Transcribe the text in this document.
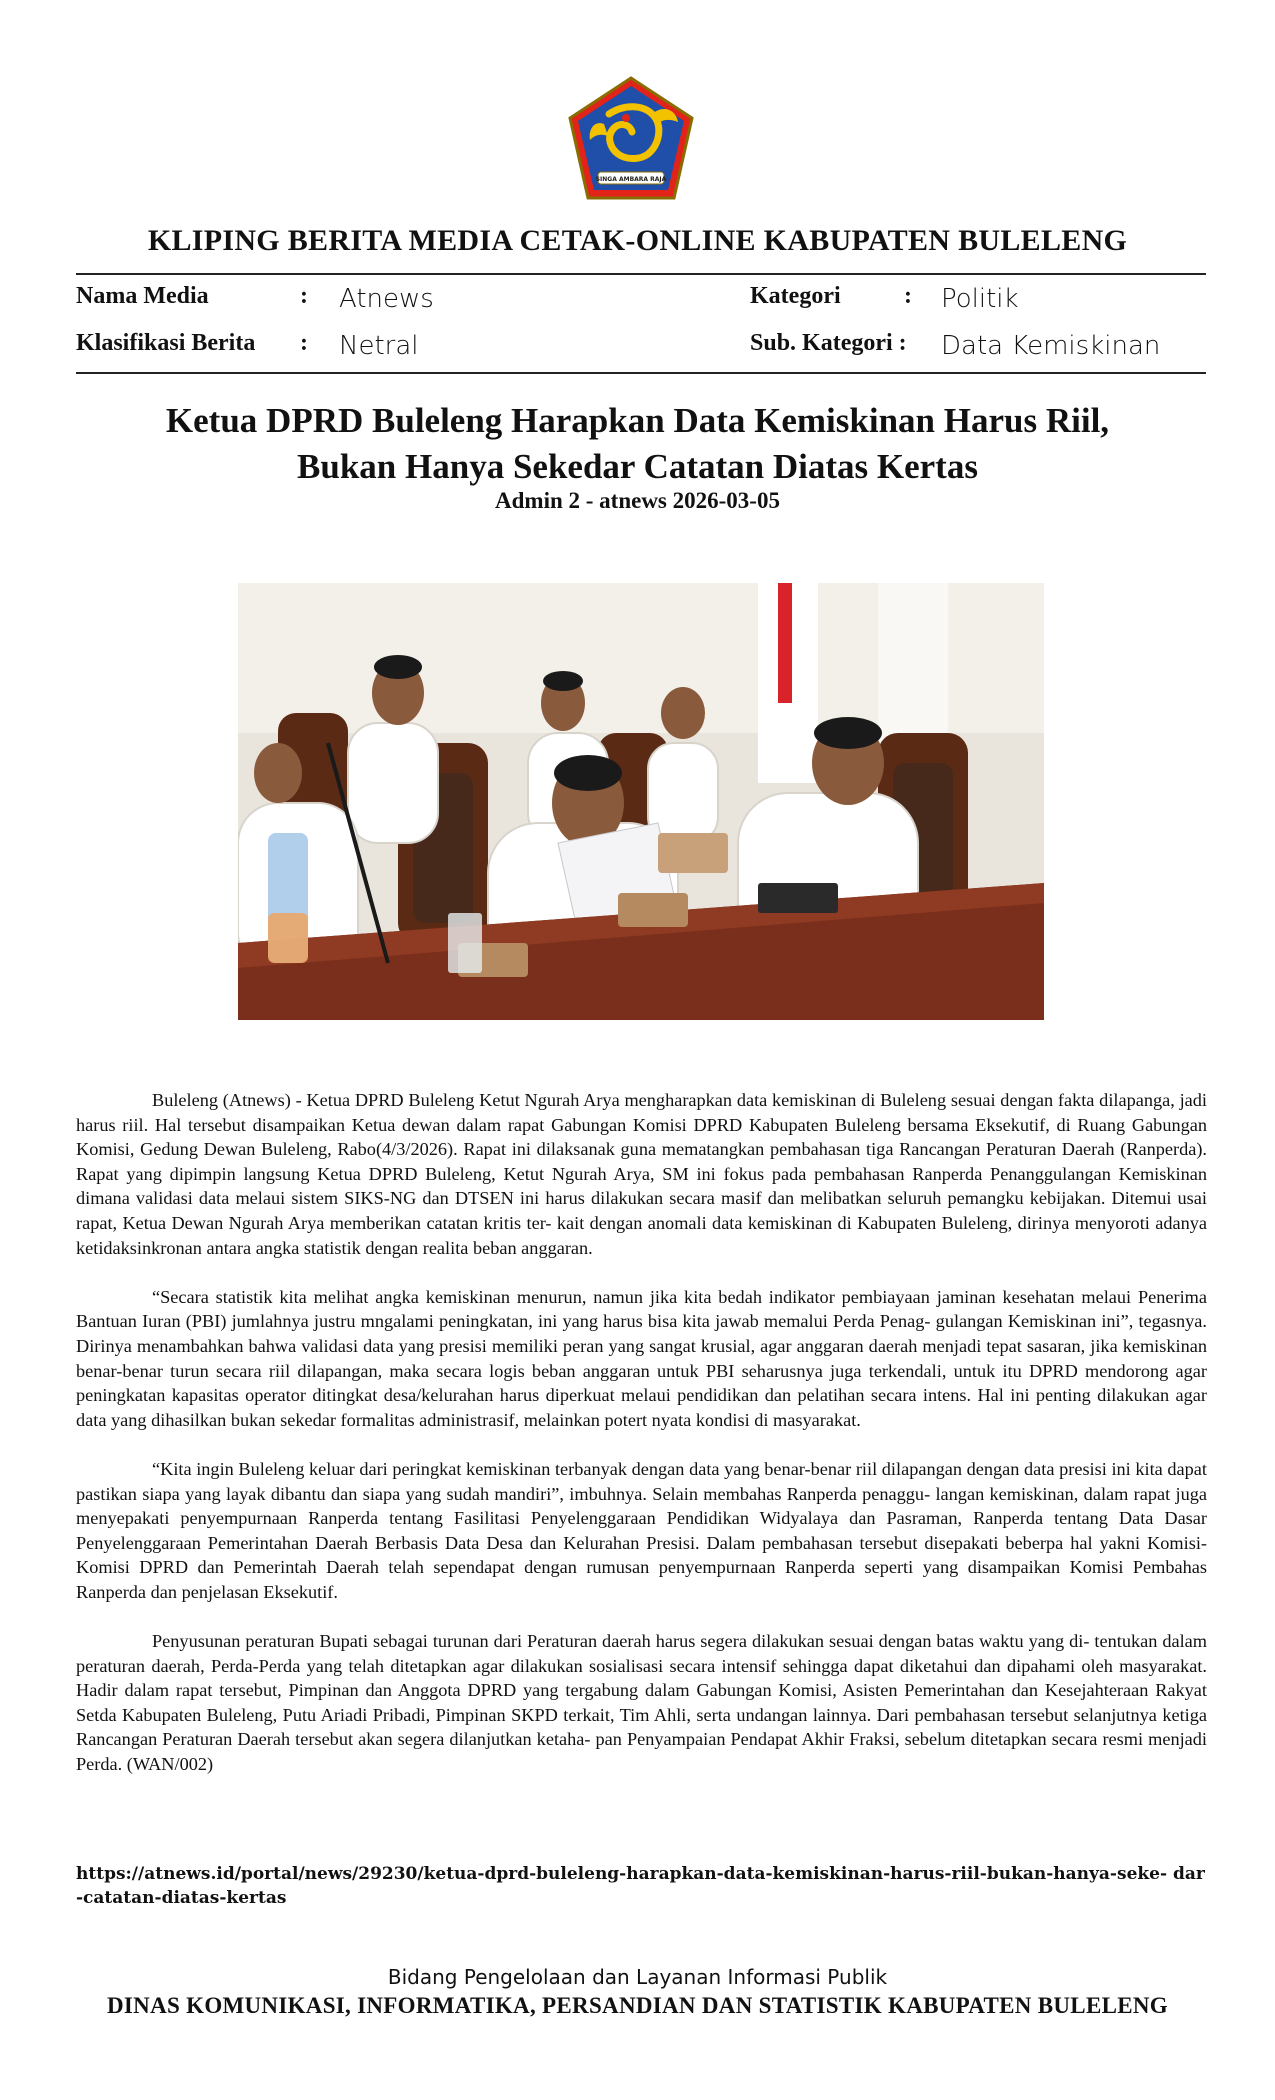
SINGA AMBARA RAJA
KLIPING BERITA MEDIA CETAK-ONLINE KABUPATEN BULELENG
Nama Media	: Atnews	Kategori	: Politik
Klasifikasi Berita : Netral	Sub. Kategori : Data Kemiskinan
Ketua DPRD Buleleng Harapkan Data Kemiskinan Harus Riil,
Bukan Hanya Sekedar Catatan Diatas Kertas
Admin 2 - atnews 2026-03-05

Buleleng (Atnews) - Ketua DPRD Buleleng Ketut Ngurah Arya mengharapkan data kemiskinan di Buleleng sesuai dengan fakta dilapanga, jadi harus riil. Hal tersebut disampaikan Ketua dewan dalam rapat Gabungan Komisi DPRD Kabupaten Buleleng bersama Eksekutif, di Ruang Gabungan Komisi, Gedung Dewan Buleleng, Rabo(4/3/2026). Rapat ini dilaksanak guna mematangkan pembahasan tiga Rancangan Peraturan Daerah (Ranperda). Rapat yang dipimpin langsung Ketua DPRD Buleleng, Ketut Ngurah Arya, SM ini fokus pada pembahasan Ranperda Penanggulangan Kemiskinan dimana validasi data melaui sistem SIKS-NG dan DTSEN ini harus dilakukan secara masif dan melibatkan seluruh pemangku kebijakan. Ditemui usai rapat, Ketua Dewan Ngurah Arya memberikan catatan kritis ter- kait dengan anomali data kemiskinan di Kabupaten Buleleng, dirinya menyoroti adanya ketidaksinkronan antara angka statistik dengan realita beban anggaran.

“Secara statistik kita melihat angka kemiskinan menurun, namun jika kita bedah indikator pembiayaan jaminan kesehatan melaui Penerima Bantuan Iuran (PBI) jumlahnya justru mngalami peningkatan, ini yang harus bisa kita jawab memalui Perda Penag- gulangan Kemiskinan ini”, tegasnya. Dirinya menambahkan bahwa validasi data yang presisi memiliki peran yang sangat krusial, agar anggaran daerah menjadi tepat sasaran, jika kemiskinan benar-benar turun secara riil dilapangan, maka secara logis beban anggaran untuk PBI seharusnya juga terkendali, untuk itu DPRD mendorong agar peningkatan kapasitas operator ditingkat desa/kelurahan harus diperkuat melaui pendidikan dan pelatihan secara intens. Hal ini penting dilakukan agar data yang dihasilkan bukan sekedar formalitas administrasif, melainkan potert nyata kondisi di masyarakat.

“Kita ingin Buleleng keluar dari peringkat kemiskinan terbanyak dengan data yang benar-benar riil dilapangan dengan data presisi ini kita dapat pastikan siapa yang layak dibantu dan siapa yang sudah mandiri”, imbuhnya. Selain membahas Ranperda penaggu- langan kemiskinan, dalam rapat juga menyepakati penyempurnaan Ranperda tentang Fasilitasi Penyelenggaraan Pendidikan Widyalaya dan Pasraman, Ranperda tentang Data Dasar Penyelenggaraan Pemerintahan Daerah Berbasis Data Desa dan Kelurahan Presisi. Dalam pembahasan tersebut disepakati beberpa hal yakni Komisi-Komisi DPRD dan Pemerintah Daerah telah sependapat dengan rumusan penyempurnaan Ranperda seperti yang disampaikan Komisi Pembahas Ranperda dan penjelasan Eksekutif.

Penyusunan peraturan Bupati sebagai turunan dari Peraturan daerah harus segera dilakukan sesuai dengan batas waktu yang di- tentukan dalam peraturan daerah, Perda-Perda yang telah ditetapkan agar dilakukan sosialisasi secara intensif sehingga dapat diketahui dan dipahami oleh masyarakat. Hadir dalam rapat tersebut, Pimpinan dan Anggota DPRD yang tergabung dalam Gabungan Komisi, Asisten Pemerintahan dan Kesejahteraan Rakyat Setda Kabupaten Buleleng, Putu Ariadi Pribadi, Pimpinan SKPD terkait, Tim Ahli, serta undangan lainnya. Dari pembahasan tersebut selanjutnya ketiga Rancangan Peraturan Daerah tersebut akan segera dilanjutkan ketaha- pan Penyampaian Pendapat Akhir Fraksi, sebelum ditetapkan secara resmi menjadi Perda. (WAN/002)

https://atnews.id/portal/news/29230/ketua-dprd-buleleng-harapkan-data-kemiskinan-harus-riil-bukan-hanya-seke- dar-catatan-diatas-kertas
Bidang Pengelolaan dan Layanan Informasi Publik
DINAS KOMUNIKASI, INFORMATIKA, PERSANDIAN DAN STATISTIK KABUPATEN BULELENG
